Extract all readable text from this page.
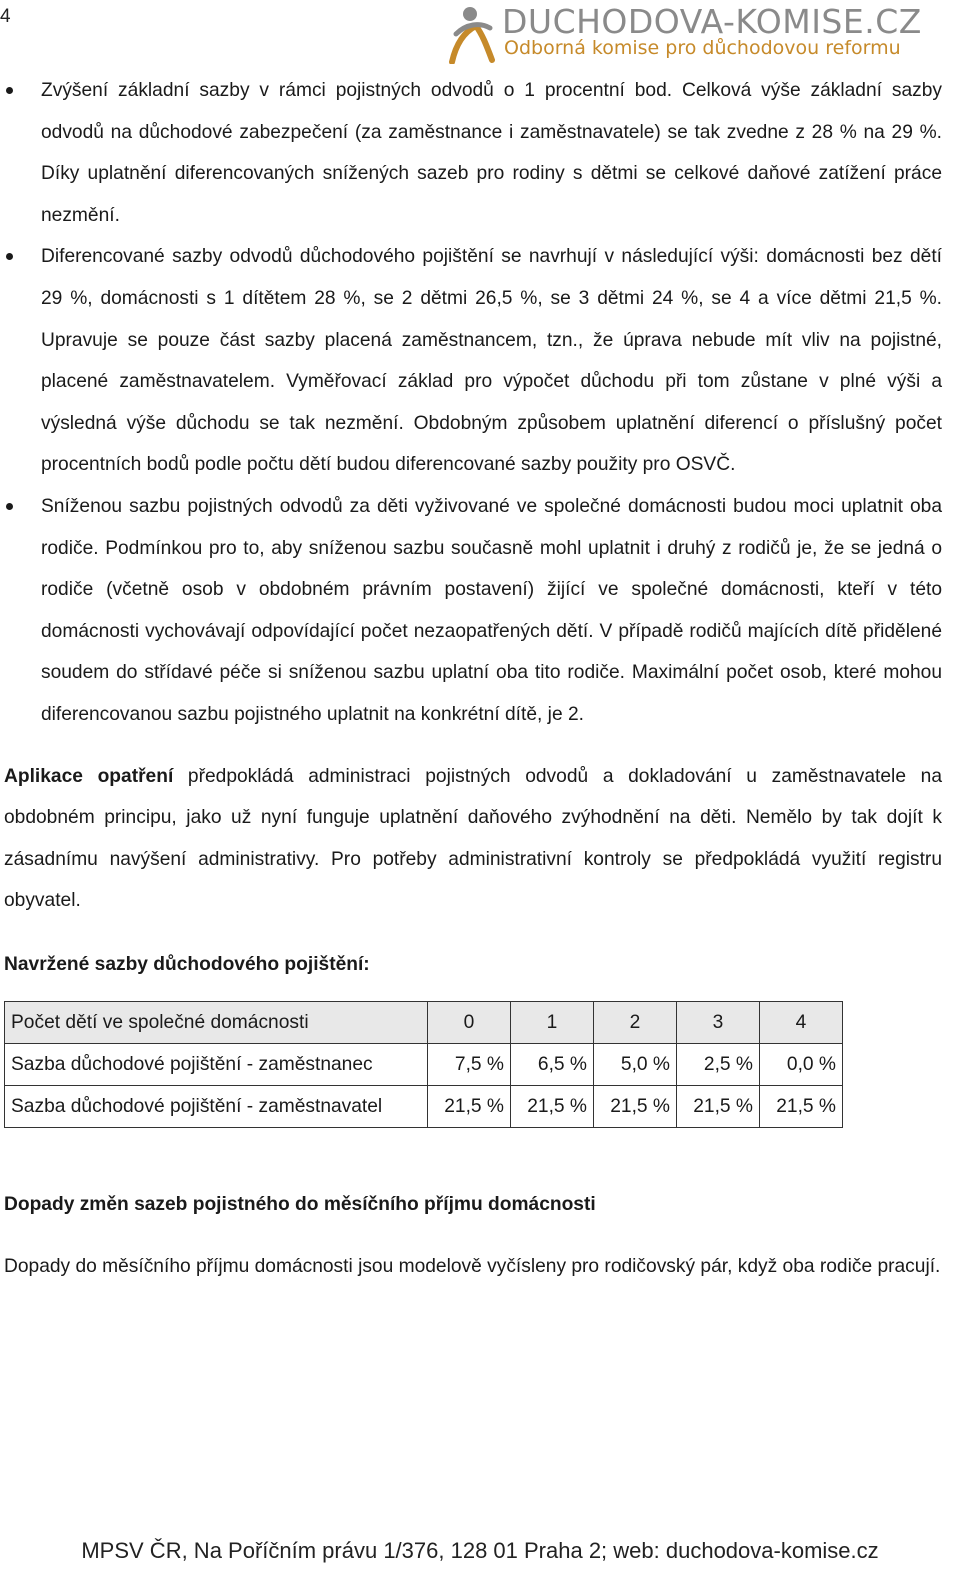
4	DUCHODOVA-KOMISE.CZ
Odborná komise pro důchodovou reformu
Zvýšení základní sazby v rámci pojistných odvodů o 1 procentní bod. Celková výše základní sazby odvodů na důchodové zabezpečení (za zaměstnance i zaměstnavatele) se tak zvedne z 28 % na 29 %. Díky uplatnění diferencovaných snížených sazeb pro rodiny s dětmi se celkové daňové zatížení práce nezmění.
Diferencované sazby odvodů důchodového pojištění se navrhují v následující výši: domácnosti bez dětí 29 %, domácnosti s 1 dítětem 28 %, se 2 dětmi 26,5 %, se 3 dětmi 24 %, se 4 a více dětmi 21,5 %. Upravuje se pouze část sazby placená zaměstnancem, tzn., že úprava nebude mít vliv na pojistné, placené zaměstnavatelem. Vyměřovací základ pro výpočet důchodu při tom zůstane v plné výši a výsledná výše důchodu se tak nezmění. Obdobným způsobem uplatnění diferencí o příslušný počet procentních bodů podle počtu dětí budou diferencované sazby použity pro OSVČ.
Sníženou sazbu pojistných odvodů za děti vyživované ve společné domácnosti budou moci uplatnit oba rodiče. Podmínkou pro to, aby sníženou sazbu současně mohl uplatnit i druhý z rodičů je, že se jedná o rodiče (včetně osob v obdobném právním postavení) žijící ve společné domácnosti, kteří v této domácnosti vychovávají odpovídající počet nezaopatřených dětí. V případě rodičů majících dítě přidělené soudem do střídavé péče si sníženou sazbu uplatní oba tito rodiče. Maximální počet osob, které mohou diferencovanou sazbu pojistného uplatnit na konkrétní dítě, je 2.

Aplikace opatření předpokládá administraci pojistných odvodů a dokladování u zaměstnavatele na obdobném principu, jako už nyní funguje uplatnění daňového zvýhodnění na děti. Nemělo by tak dojít k zásadnímu navýšení administrativy. Pro potřeby administrativní kontroly se předpokládá využití registru obyvatel.

Navržené sazby důchodového pojištění:

Počet dětí ve společné domácnosti	0	1	2	3	4
Sazba důchodové pojištění - zaměstnanec	7,5 %	6,5 %	5,0 %	2,5 %	0,0 %
Sazba důchodové pojištění - zaměstnavatel	21,5 %	21,5 %	21,5 %	21,5 %	21,5 %

Dopady změn sazeb pojistného do měsíčního příjmu domácnosti

Dopady do měsíčního příjmu domácnosti jsou modelově vyčísleny pro rodičovský pár, když oba rodiče pracují.

MPSV ČR, Na Poříčním právu 1/376, 128 01 Praha 2; web: duchodova-komise.cz
